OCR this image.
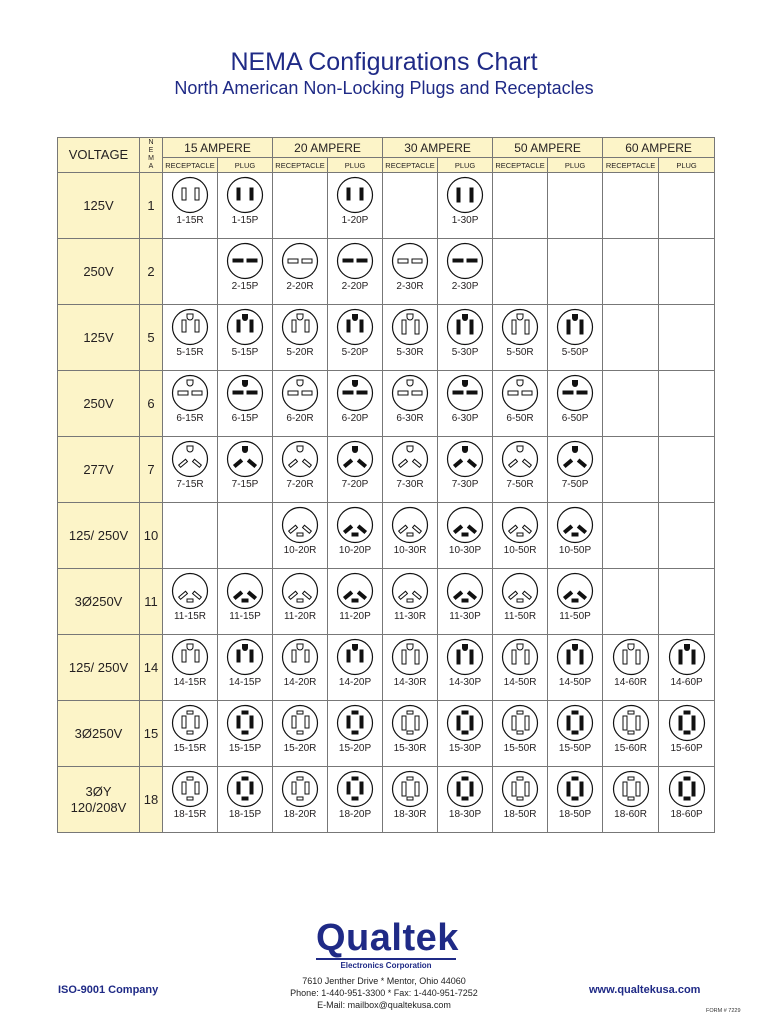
NEMA Configurations Chart
North American Non-Locking Plugs and Receptacles
VOLTAGE	N
E
M
A	15 AMPERE		20 AMPERE		30 AMPERE		50 AMPERE		60 AMPERE	
		RECEPTACLE	PLUG	RECEPTACLE	PLUG	RECEPTACLE	PLUG	RECEPTACLE	PLUG	RECEPTACLE	PLUG
125V	1	1-15R	1-15P		1-20P		1-30P				

250V	2		2-15P	2-20R	2-20P	2-30R	2-30P				

125V	5	5-15R	5-15P	5-20R	5-20P	5-30R	5-30P	5-50R	5-50P		

250V	6	6-15R	6-15P	6-20R	6-20P	6-30R	6-30P	6-50R	6-50P		

277V	7	7-15R	7-15P	7-20R	7-20P	7-30R	7-30P	7-50R	7-50P		

125/ 250V	10			10-20R	10-20P	10-30R	10-30P	10-50R	10-50P		

3Ø250V	11	11-15R	11-15P	11-20R	11-20P	11-30R	11-30P	11-50R	11-50P		

125/ 250V	14	14-15R	14-15P	14-20R	14-20P	14-30R	14-30P	14-50R	14-50P	14-60R	14-60P

3Ø250V	15	15-15R	15-15P	15-20R	15-20P	15-30R	15-30P	15-50R	15-50P	15-60R	15-60P

3ØY 120/208V	18	18-15R	18-15P	18-20R	18-20P	18-30R	18-30P	18-50R	18-50P	18-60R	18-60P
Qualtek
Electronics Corporation
7610 Jenther Drive * Mentor, Ohio 44060
Phone: 1-440-951-3300 * Fax: 1-440-951-7252
E-Mail: mailbox@qualtekusa.com
ISO-9001 Company	www.qualtekusa.com
FORM # 7229
